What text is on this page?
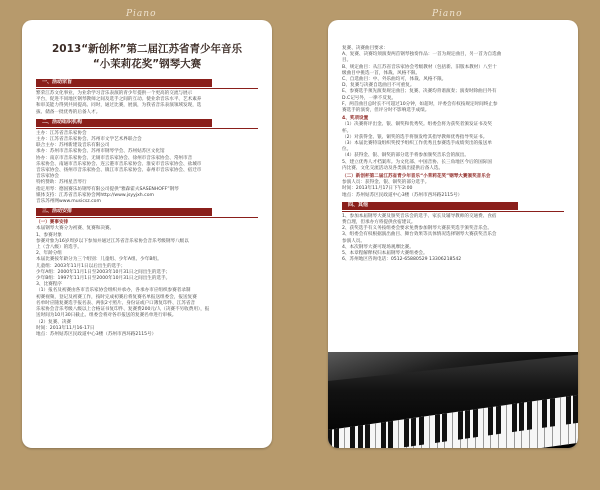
Piano	Piano
2013“新创杯”第二届江苏省青少年音乐
“小茉莉花奖”钢琴大赛
一、活动宗旨

繁荣江苏文化事业，为业余学习音乐表演的青少年提供一个更高的交流与展示

平台，促进不同地区钢琴教师之间及选手之间的互动。使业余音乐水平、艺术素养

和审美能力得到共同提高。同时，通过比赛，展演，为我省音乐表演领域发现，选

拔、储备一批优秀的后备人才。

二、活动组织机构

主办：江苏省音乐家协会

主办：江苏省音乐家协会、苏州市文学艺术界联合会

联合主办：苏州新建设音乐有限公司

承办：苏州市音乐家协会、苏州市钢琴学会、苏州姑苏区文化馆

协办：南京市音乐家协会、无锡市音乐家协会、徐州市音乐家协会、常州市音

乐家协会、南通市音乐家协会、连云港市音乐家协会、淮安市音乐家协会、盐城市

音乐家协会、扬州市音乐家协会、镇江市音乐家协会、泰州市音乐家协会、宿迁市

音乐家协会

特约赞助：苏州星音琴行

指定用琴：德国赛乐坊钢琴有限公司提供“雅森霍夫SASENHOFF”钢琴

媒体支持：江苏省音乐家协会网http://www.jsyyjxh.com

音乐苏州网www.musicsz.com

三、活动安排

（一）赛事安排

本届钢琴大赛分为初赛、复赛和决赛。

1、参赛对象

参赛对象为16岁周岁以下参加并通过江苏省音乐家协会音乐考级钢琴八级以

上（含八级）的选手。

2、年龄分组

本届比赛按年龄分为三个组别：儿童组、少年A组、少年B组。

儿童组：2003年11月1日以后出生的选手；

少年A组：2000年11月1日至2003年10月31日之间出生的选手；

少年B组：1997年11月1日至2000年10月31日之间出生的选手。

3、比赛程序

（1）报名及初赛由各市音乐家协会组织并承办，各承办市应组织参赛者录制

初赛视频，登记及初赛工作，按时完成初赛后将复赛名单报送组委会，报送复赛

名单时应随复赛选手报名表、两张2寸照片、身份证或户口簿复印件、江苏省音

乐家协会音乐考级八级以上合格证书复印件、复赛费200元/人（决赛不另收费用），报

送时间为10月30日截止。组委会将对各市报送的复赛名单进行审核。

（2）复赛、决赛

时间：2013年11月16-17日

地点：苏州姑苏区民政道中心3楼（苏州市西环路2115号）

复赛、决赛曲目要求：

A、复赛、决赛均须演奏两首钢琴独奏作品：一首为规定曲目，另一首为自选曲

目。

B、规定曲目：从江苏省音乐家协会考级教材（包括新、旧版本教材）八至十

级曲目中挑选一首，体裁、风格不限。

C、自选曲目：中、外乐曲均可，体裁、风格不限。

D、复赛与决赛自选曲目不可重复。

E、参赛选手须先演奏规定曲目；复赛、决赛均背谱演奏；演奏时除曲目外有

D.C记号外，一律不反复。

F、两首曲目总时长不可超过10分钟，如超时，评委会有权按规定时间终止参

赛选手的演奏，但评分时不影响选手成绩。

4、奖项设置

（1）决赛将评出金、银、铜奖和优秀奖。组委会将为获奖者颁发证书及奖

杯。

（2）对获得金、银、铜奖的选手将颁发给其指导教师优秀指导奖证书。

（3）本届比赛特设组织奖授予组织工作优秀且参赛选手成绩突出的报送单

位。

（4）获得金、银、铜奖的部分选手将参加颁奖音乐会的演出。

5、建立优秀人才档案库。为文化部、中国音协、长三角地区今后的国际国

内比赛、文化交流活动及各类演出提供后备人选。

（二）新创杯第二届江苏省青少年音乐“小茉莉花奖”钢琴大赛颁奖音乐会

参演人员：获得金、银、铜奖的部分选手。

时间：2013年11月17日下午2:00

地点：苏州姑苏区民政道中心3楼（苏州市西环路2115号）

四、其他

1、参加本届钢琴大赛及颁奖音乐会的选手、家长及辅导教师的交通费、食宿

费自理，但承办方将提供食宿建议。

2、获奖选手有义务按组委会要求免费参加钢琴大赛获奖选手颁奖音乐会。

3、组委会有权根据演出曲目、舞台效果等具体情况选择钢琴大赛获奖音乐会

参演人员。

4、本次钢琴大赛可现场观摩比赛。

5、本章程解释权归本届钢琴大赛组委会。

6、苏州地区咨询电话：0512-65880529 13306218542
